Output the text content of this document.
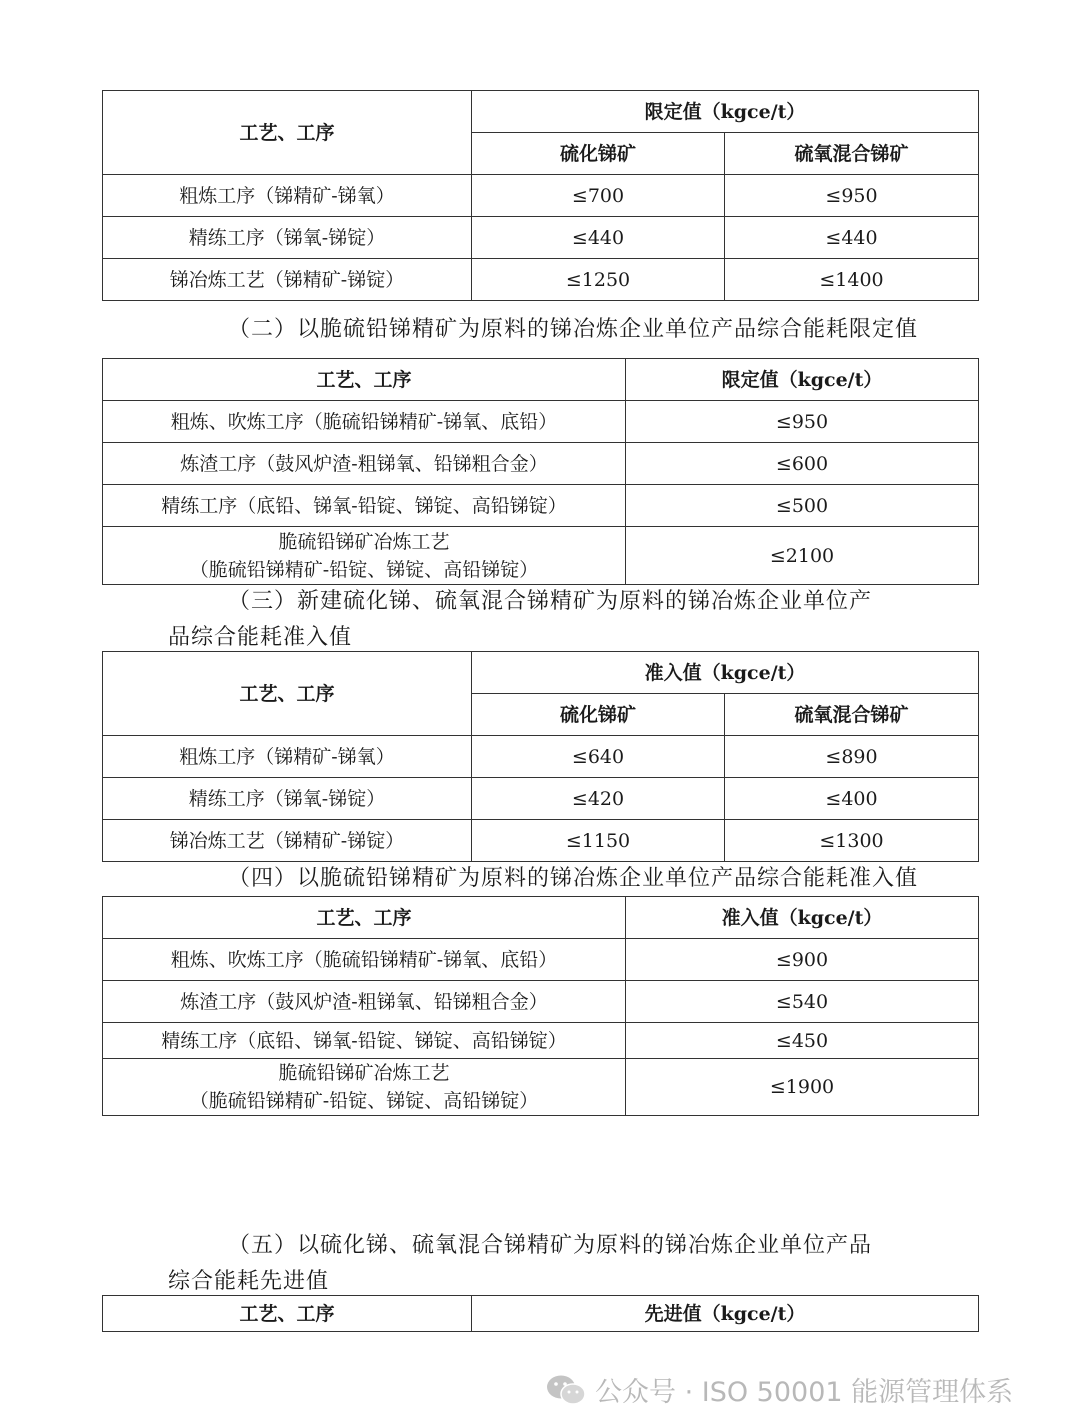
工艺、工序	限定值（kgce/t）	
	硫化锑矿	硫氧混合锑矿
粗炼工序（锑精矿-锑氧）	≤700	≤950
精练工序（锑氧-锑锭）	≤440	≤440
锑冶炼工艺（锑精矿-锑锭）	≤1250	≤1400

（二）以脆硫铅锑精矿为原料的锑冶炼企业单位产品综合能耗限定值

工艺、工序	限定值（kgce/t）
粗炼、吹炼工序（脆硫铅锑精矿-锑氧、底铅）	≤950
炼渣工序（鼓风炉渣-粗锑氧、铅锑粗合金）	≤600
精练工序（底铅、锑氧-铅锭、锑锭、高铅锑锭）	≤500

脆硫铅锑矿冶炼工艺
（脆硫铅锑精矿-铅锭、锑锭、高铅锑锭）	≤2100

（三）新建硫化锑、硫氧混合锑精矿为原料的锑冶炼企业单位产
品综合能耗准入值

工艺、工序	准入值（kgce/t）	
	硫化锑矿	硫氧混合锑矿
粗炼工序（锑精矿-锑氧）	≤640	≤890
精练工序（锑氧-锑锭）	≤420	≤400
锑冶炼工艺（锑精矿-锑锭）	≤1150	≤1300

（四）以脆硫铅锑精矿为原料的锑冶炼企业单位产品综合能耗准入值

工艺、工序	准入值（kgce/t）
粗炼、吹炼工序（脆硫铅锑精矿-锑氧、底铅）	≤900
炼渣工序（鼓风炉渣-粗锑氧、铅锑粗合金）	≤540
精练工序（底铅、锑氧-铅锭、锑锭、高铅锑锭）	≤450

脆硫铅锑矿冶炼工艺
（脆硫铅锑精矿-铅锭、锑锭、高铅锑锭）	≤1900

（五）以硫化锑、硫氧混合锑精矿为原料的锑冶炼企业单位产品
综合能耗先进值

工艺、工序	先进值（kgce/t）
公众号 · ISO 50001 能源管理体系
